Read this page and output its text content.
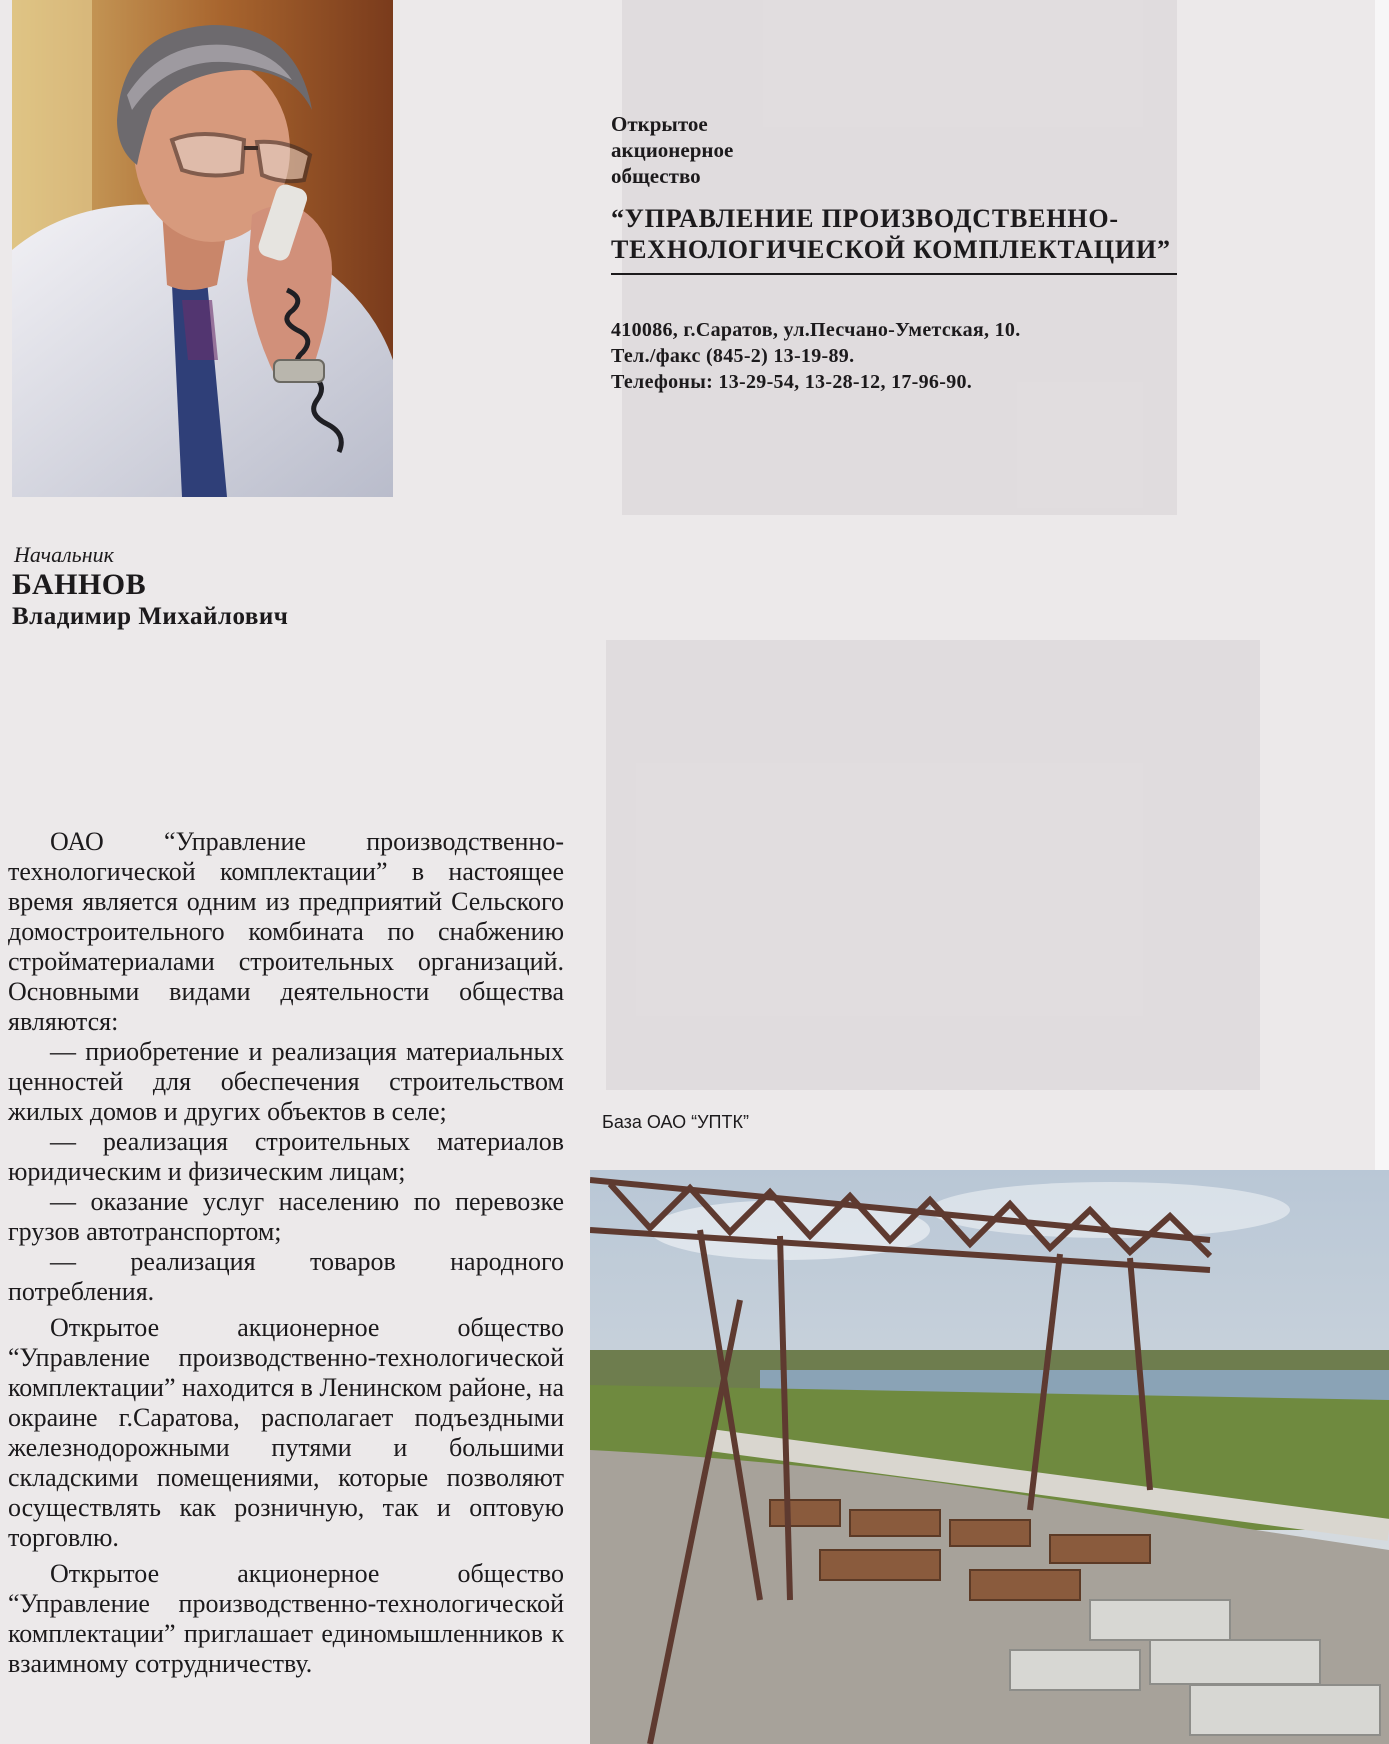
Начальник
БАННОВ
Владимир Михайлович
Открытое
акционерное
общество
“УПРАВЛЕНИЕ ПРОИЗВОДСТВЕННО-
ТЕХНОЛОГИЧЕСКОЙ КОМПЛЕКТАЦИИ”
410086, г.Саратов, ул.Песчано-Уметская, 10.
Тел./факс (845-2) 13-19-89.
Телефоны: 13-29-54, 13-28-12, 17-96-90.

ОАО “Управление производственно-технологической комплектации” в настоящее время является одним из предприятий Сельского домостроительного комбината по снабжению стройматериалами строительных организаций. Основными видами деятельности общества являются:

— приобретение и реализация материальных ценностей для обеспечения строительством жилых домов и других объектов в селе;

— реализация строительных материалов юридическим и физическим лицам;

— оказание услуг населению по перевозке грузов автотранспортом;

— реализация товаров народного потребления.

Открытое акционерное общество “Управление производственно-технологической комплектации” находится в Ленинском районе, на окраине г.Саратова, располагает подъездными железнодорожными путями и большими складскими помещениями, которые позволяют осуществлять как розничную, так и оптовую торговлю.

Открытое акционерное общество “Управление производственно-технологической комплектации” приглашает единомышленников к взаимному сотрудничеству.

База ОАО “УПТК”
